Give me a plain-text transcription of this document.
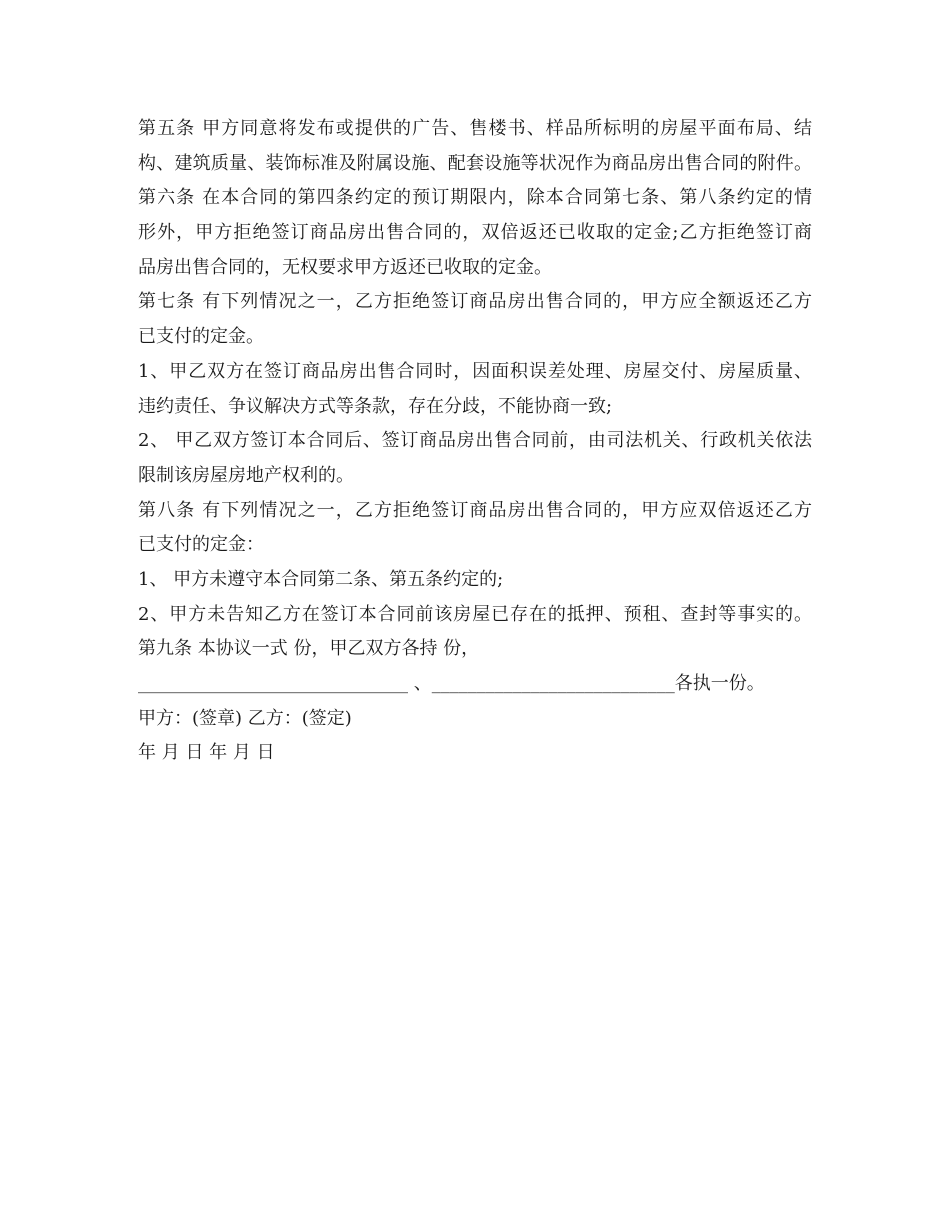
第五条 甲方同意将发布或提供的广告、售楼书、样品所标明的房屋平面布局、结
构、建筑质量、装饰标准及附属设施、配套设施等状况作为商品房出售合同的附件。
第六条 在本合同的第四条约定的预订期限内，除本合同第七条、第八条约定的情
形外，甲方拒绝签订商品房出售合同的，双倍返还已收取的定金;乙方拒绝签订商
品房出售合同的，无权要求甲方返还已收取的定金。
第七条 有下列情况之一，乙方拒绝签订商品房出售合同的，甲方应全额返还乙方
已支付的定金。
1、甲乙双方在签订商品房出售合同时，因面积误差处理、房屋交付、房屋质量、
违约责任、争议解决方式等条款，存在分歧，不能协商一致;
2、 甲乙双方签订本合同后、签订商品房出售合同前，由司法机关、行政机关依法
限制该房屋房地产权利的。
第八条 有下列情况之一，乙方拒绝签订商品房出售合同的，甲方应双倍返还乙方
已支付的定金：
1、 甲方未遵守本合同第二条、第五条约定的;
2、甲方未告知乙方在签订本合同前该房屋已存在的抵押、预租、查封等事实的。
第九条 本协议一式 份，甲乙双方各持 份，
______________________________ 、___________________________各执一份。
甲方：(签章) 乙方：(签定)
年 月 日 年 月 日
